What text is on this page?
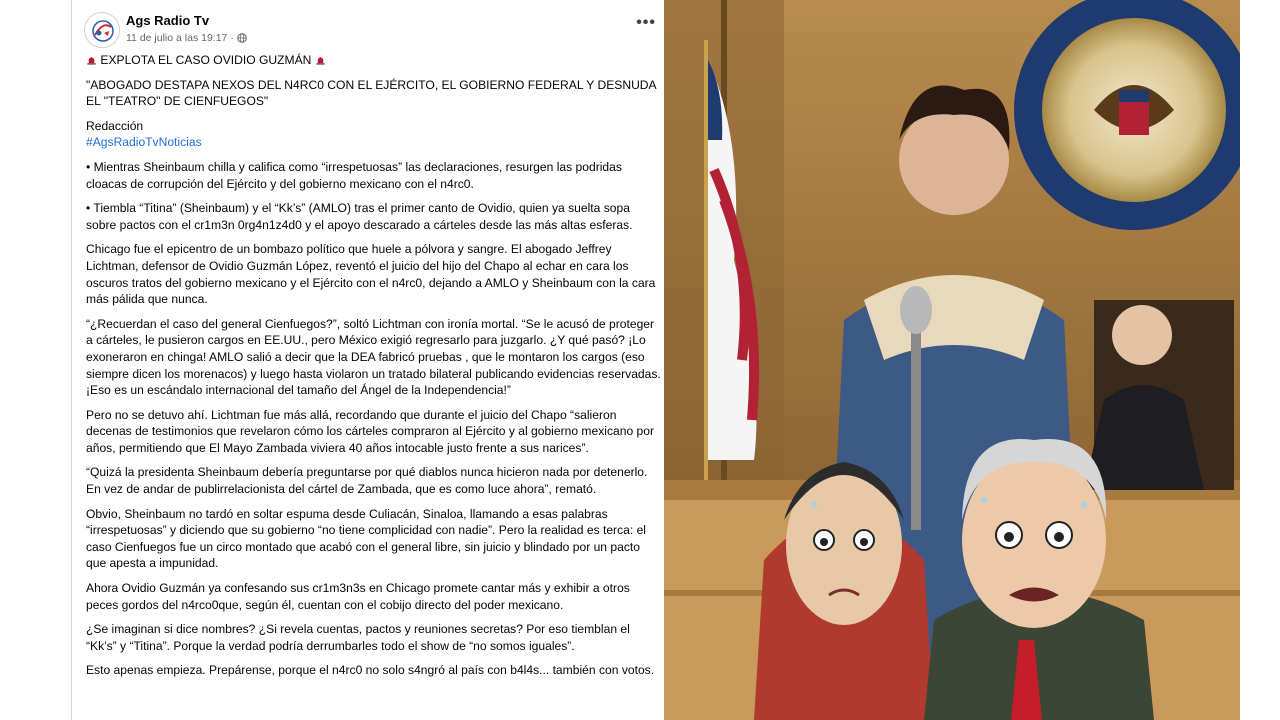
Ags Radio Tv
11 de julio a las 19:17 ·
•••

EXPLOTA EL CASO OVIDIO GUZMÁN

"ABOGADO DESTAPA NEXOS DEL N4RC0 CON EL EJÉRCITO, EL GOBIERNO FEDERAL Y DESNUDA EL "TEATRO" DE CIENFUEGOS"

Redacción

#AgsRadioTvNoticias

• Mientras Sheinbaum chilla y califica como “irrespetuosas” las declaraciones, resurgen las podridas cloacas de corrupción del Ejército y del gobierno mexicano con el n4rc0.

• Tiembla “Titina” (Sheinbaum) y el “Kk’s” (AMLO) tras el primer canto de Ovidio, quien ya suelta sopa sobre pactos con el cr1m3n 0rg4n1z4d0 y el apoyo descarado a cárteles desde las más altas esferas.

Chicago fue el epicentro de un bombazo político que huele a pólvora y sangre. El abogado Jeffrey Lichtman, defensor de Ovidio Guzmán López, reventó el juicio del hijo del Chapo al echar en cara los oscuros tratos del gobierno mexicano y el Ejército con el n4rc0, dejando a AMLO y Sheinbaum con la cara más pálida que nunca.

“¿Recuerdan el caso del general Cienfuegos?”, soltó Lichtman con ironía mortal. “Se le acusó de proteger a cárteles, le pusieron cargos en EE.UU., pero México exigió regresarlo para juzgarlo. ¿Y qué pasó? ¡Lo exoneraron en chinga! AMLO salió a decir que la DEA fabricó pruebas , que le montaron los cargos (eso siempre dicen los morenacos) y luego hasta violaron un tratado bilateral publicando evidencias reservadas. ¡Eso es un escándalo internacional del tamaño del Ángel de la Independencia!”

Pero no se detuvo ahí. Lichtman fue más allá, recordando que durante el juicio del Chapo “salieron decenas de testimonios que revelaron cómo los cárteles compraron al Ejército y al gobierno mexicano por años, permitiendo que El Mayo Zambada viviera 40 años intocable justo frente a sus narices”.

“Quizá la presidenta Sheinbaum debería preguntarse por qué diablos nunca hicieron nada por detenerlo. En vez de andar de publirrelacionista del cártel de Zambada, que es como luce ahora”, remató.

Obvio, Sheinbaum no tardó en soltar espuma desde Culiacán, Sinaloa, llamando a esas palabras “irrespetuosas” y diciendo que su gobierno “no tiene complicidad con nadie”. Pero la realidad es terca: el caso Cienfuegos fue un circo montado que acabó con el general libre, sin juicio y blindado por un pacto que apesta a impunidad.

Ahora Ovidio Guzmán ya confesando sus cr1m3n3s en Chicago promete cantar más y exhibir a otros peces gordos del n4rco0que, según él, cuentan con el cobijo directo del poder mexicano.

¿Se imaginan si dice nombres? ¿Si revela cuentas, pactos y reuniones secretas? Por eso tiemblan el “Kk’s” y “Titina”. Porque la verdad podría derrumbarles todo el show de “no somos iguales”.

Esto apenas empieza. Prepárense, porque el n4rc0 no solo s4ngró al país con b4l4s... también con votos.
